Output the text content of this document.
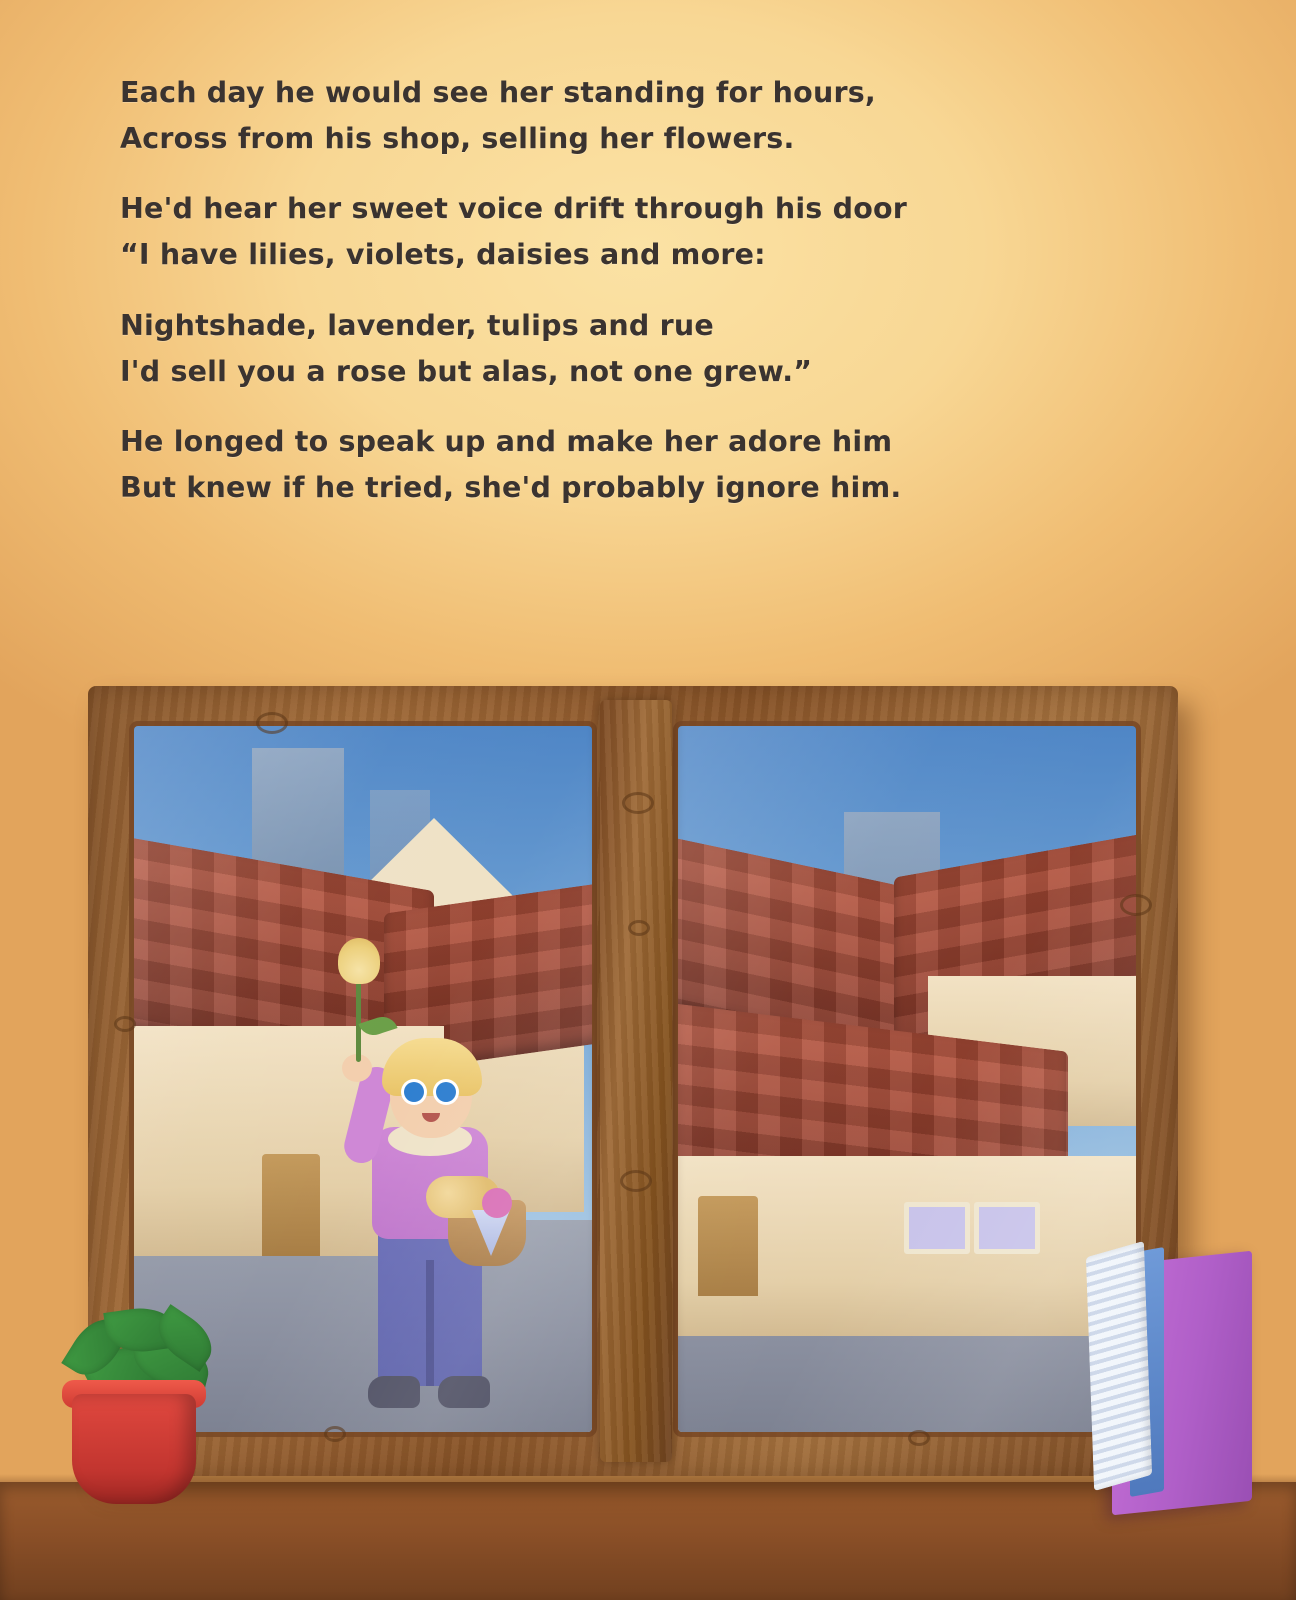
Each day he would see her standing for hours,
Across from his shop, selling her flowers.

He'd hear her sweet voice drift through his door
“I have lilies, violets, daisies and more:

Nightshade, lavender, tulips and rue
I'd sell you a rose but alas, not one grew.”

He longed to speak up and make her adore him
But knew if he tried, she'd probably ignore him.
